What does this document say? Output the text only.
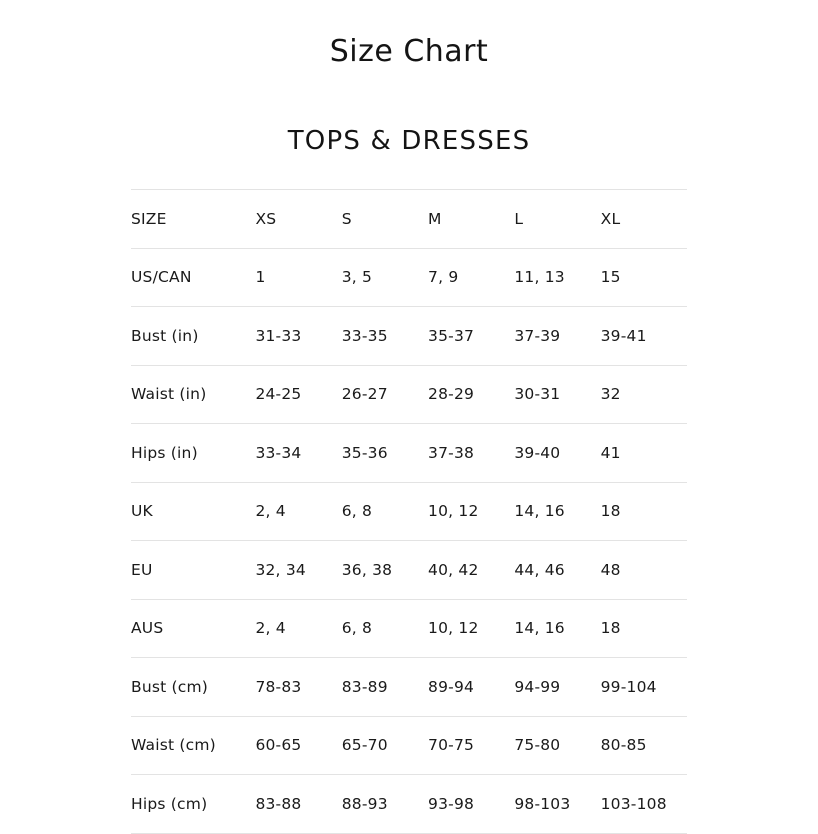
Size Chart
TOPS & DRESSES
SIZE	XS	S	M	L	XL
US/CAN	1	3, 5	7, 9	11, 13	15
Bust (in)	31-33	33-35	35-37	37-39	39-41
Waist (in)	24-25	26-27	28-29	30-31	32
Hips (in)	33-34	35-36	37-38	39-40	41
UK	2, 4	6, 8	10, 12	14, 16	18
EU	32, 34	36, 38	40, 42	44, 46	48
AUS	2, 4	6, 8	10, 12	14, 16	18
Bust (cm)	78-83	83-89	89-94	94-99	99-104
Waist (cm)	60-65	65-70	70-75	75-80	80-85
Hips (cm)	83-88	88-93	93-98	98-103	103-108
